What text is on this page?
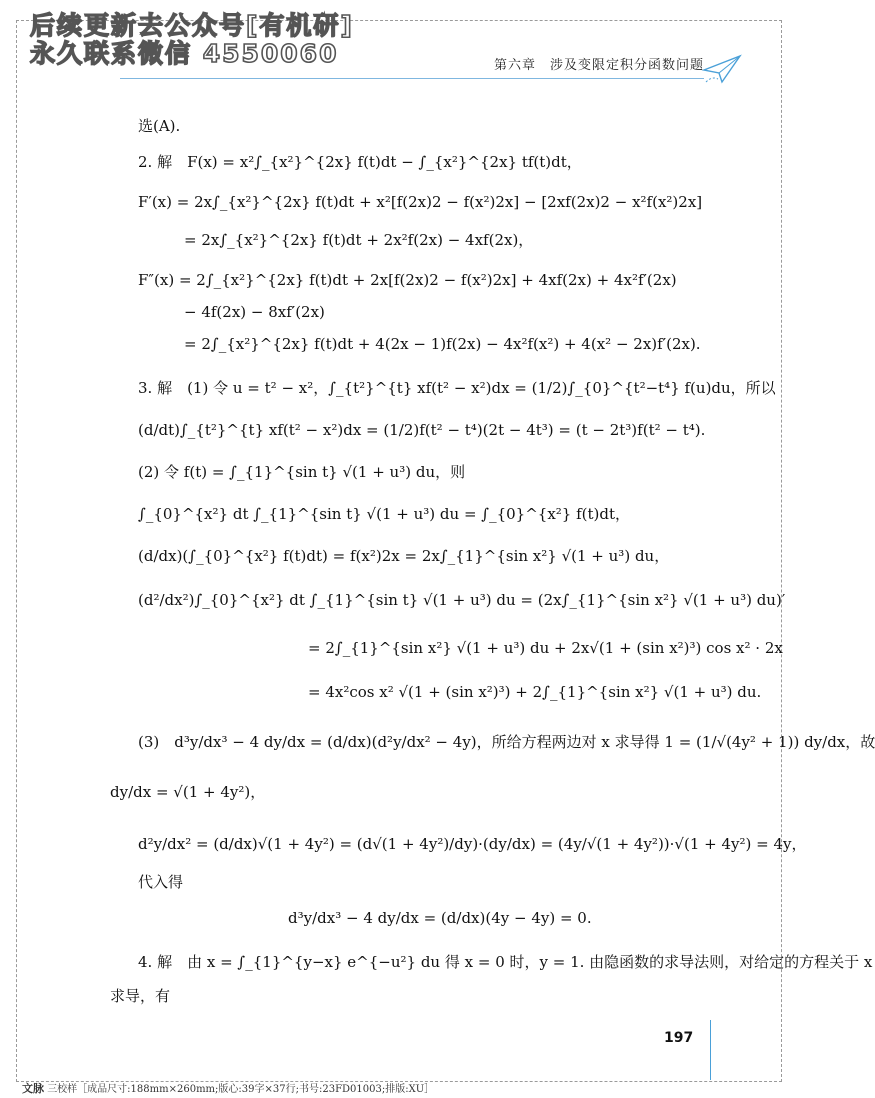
后续更新去公众号[有机研]
永久联系微信 4550060	第六章  涉及变限定积分函数问题
选(A).
2. 解　F(x) = x²∫_{x²}^{2x} f(t)dt − ∫_{x²}^{2x} tf(t)dt，
F′(x) = 2x∫_{x²}^{2x} f(t)dt + x²[f(2x)2 − f(x²)2x] − [2xf(2x)2 − x²f(x²)2x]
= 2x∫_{x²}^{2x} f(t)dt + 2x²f(2x) − 4xf(2x)，
F″(x) = 2∫_{x²}^{2x} f(t)dt + 2x[f(2x)2 − f(x²)2x] + 4xf(2x) + 4x²f′(2x)
− 4f(2x) − 8xf′(2x)
= 2∫_{x²}^{2x} f(t)dt + 4(2x − 1)f(2x) − 4x²f(x²) + 4(x² − 2x)f′(2x).
3. 解　(1) 令 u = t² − x²，∫_{t²}^{t} xf(t² − x²)dx = (1/2)∫_{0}^{t²−t⁴} f(u)du，所以
(d/dt)∫_{t²}^{t} xf(t² − x²)dx = (1/2)f(t² − t⁴)(2t − 4t³) = (t − 2t³)f(t² − t⁴).
(2) 令 f(t) = ∫_{1}^{sin t} √(1 + u³) du，则
∫_{0}^{x²} dt ∫_{1}^{sin t} √(1 + u³) du = ∫_{0}^{x²} f(t)dt，
(d/dx)(∫_{0}^{x²} f(t)dt) = f(x²)2x = 2x∫_{1}^{sin x²} √(1 + u³) du，
(d²/dx²)∫_{0}^{x²} dt ∫_{1}^{sin t} √(1 + u³) du = (2x∫_{1}^{sin x²} √(1 + u³) du)′
= 2∫_{1}^{sin x²} √(1 + u³) du + 2x√(1 + (sin x²)³) cos x² · 2x
= 4x²cos x² √(1 + (sin x²)³) + 2∫_{1}^{sin x²} √(1 + u³) du.
(3)　d³y/dx³ − 4 dy/dx = (d/dx)(d²y/dx² − 4y)，所给方程两边对 x 求导得 1 = (1/√(4y² + 1)) dy/dx，故
dy/dx = √(1 + 4y²)，
d²y/dx² = (d/dx)√(1 + 4y²) = (d√(1 + 4y²)/dy)·(dy/dx) = (4y/√(1 + 4y²))·√(1 + 4y²) = 4y，
代入得
d³y/dx³ − 4 dy/dx = (d/dx)(4y − 4y) = 0.
4. 解　由 x = ∫_{1}^{y−x} e^{−u²} du 得 x = 0 时，y = 1. 由隐函数的求导法则，对给定的方程关于 x
求导，有
197
文脉 三校样［成品尺寸:188mm×260mm;版心:39字×37行;书号:23FD01003;排版:XU］
